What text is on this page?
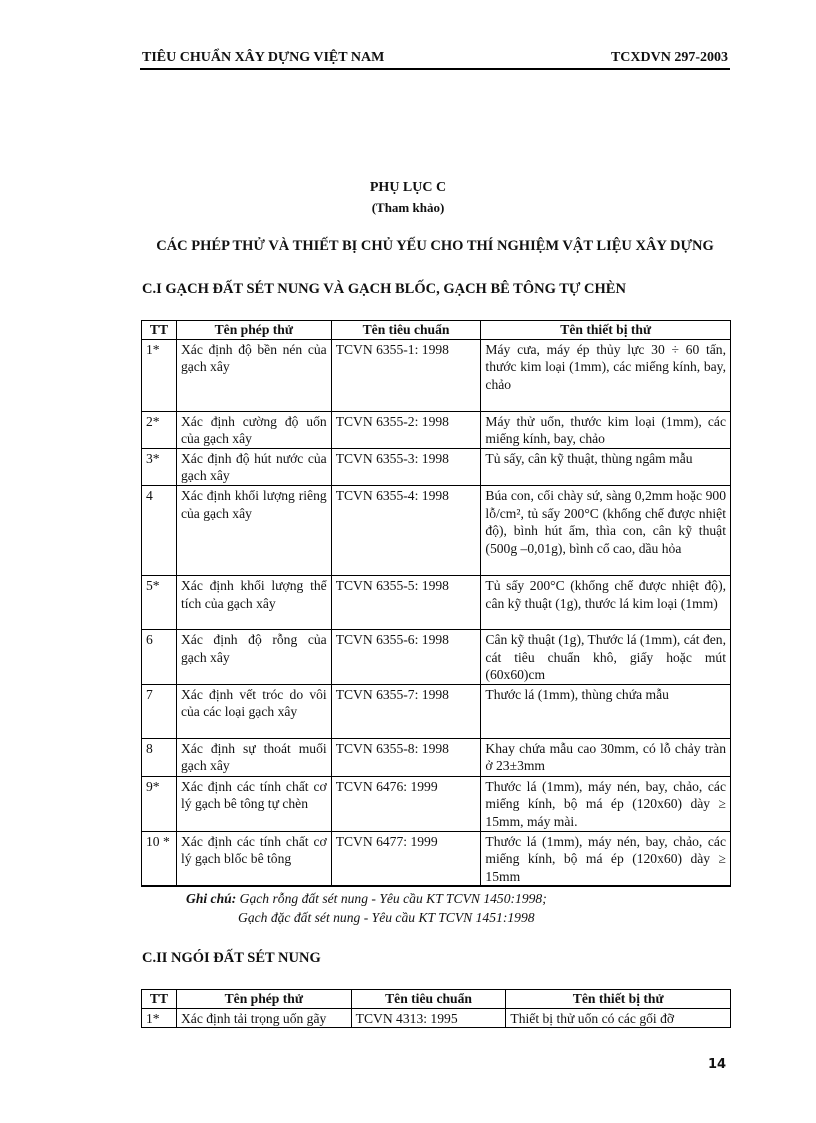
TIÊU CHUẨN XÂY DỰNG VIỆT NAM	TCXDVN 297-2003
PHỤ LỤC C
(Tham khảo)
CÁC PHÉP THỬ VÀ THIẾT BỊ CHỦ YẾU CHO THÍ NGHIỆM VẬT LIỆU XÂY DỰNG
C.I GẠCH ĐẤT SÉT NUNG VÀ GẠCH BLỐC, GẠCH BÊ TÔNG TỰ CHÈN
TT	Tên phép thử	Tên tiêu chuẩn	Tên thiết bị thử
1*	Xác định độ bền nén của gạch xây	TCVN 6355-1: 1998	Máy cưa, máy ép thủy lực 30 ÷ 60 tấn, thước kim loại (1mm), các miếng kính, bay, chảo
2*	Xác định cường độ uốn của gạch xây	TCVN 6355-2: 1998	Máy thử uốn, thước kim loại (1mm), các miếng kính, bay, chảo
3*	Xác định độ hút nước của gạch xây	TCVN 6355-3: 1998	Tủ sấy, cân kỹ thuật, thùng ngâm mẫu
4	Xác định khối lượng riêng của gạch xây	TCVN 6355-4: 1998	Búa con, cối chày sứ, sàng 0,2mm hoặc 900 lỗ/cm², tủ sấy 200°C (khống chế được nhiệt độ), bình hút ẩm, thìa con, cân kỹ thuật (500g –0,01g), bình cổ cao, dầu hỏa
5*	Xác định khối lượng thể tích của gạch xây	TCVN 6355-5: 1998	Tủ sấy 200°C (khống chế được nhiệt độ), cân kỹ thuật (1g), thước lá kim loại (1mm)
6	Xác định độ rỗng của gạch xây	TCVN 6355-6: 1998	Cân kỹ thuật (1g), Thước lá (1mm), cát đen, cát tiêu chuẩn khô, giấy hoặc mút (60x60)cm
7	Xác định vết tróc do vôi của các loại gạch xây	TCVN 6355-7: 1998	Thước lá (1mm), thùng chứa mẫu
8	Xác định sự thoát muối gạch xây	TCVN 6355-8: 1998	Khay chứa mẫu cao 30mm, có lỗ chảy tràn ở 23±3mm
9*	Xác định các tính chất cơ lý gạch bê tông tự chèn	TCVN 6476: 1999	Thước lá (1mm), máy nén, bay, chảo, các miếng kính, bộ má ép (120x60) dày ≥ 15mm, máy mài.
10 *	Xác định các tính chất cơ lý gạch blốc bê tông	TCVN 6477: 1999	Thước lá (1mm), máy nén, bay, chảo, các miếng kính, bộ má ép (120x60) dày ≥ 15mm
Ghi chú: Gạch rỗng đất sét nung - Yêu cầu KT TCVN 1450:1998;
Gạch đặc đất sét nung - Yêu cầu KT TCVN 1451:1998
C.II NGÓI ĐẤT SÉT NUNG
TT	Tên phép thử	Tên tiêu chuẩn	Tên thiết bị thử
1*	Xác định tải trọng uốn gãy	TCVN 4313: 1995	Thiết bị thử uốn có các gối đỡ
14
